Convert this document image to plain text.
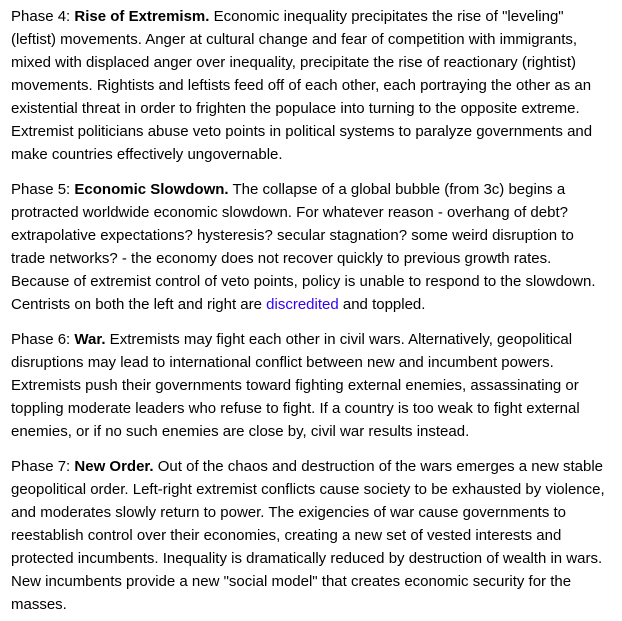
Phase 4: Rise of Extremism. Economic inequality precipitates the rise of "leveling" (leftist) movements. Anger at cultural change and fear of competition with immigrants, mixed with displaced anger over inequality, precipitate the rise of reactionary (rightist) movements. Rightists and leftists feed off of each other, each portraying the other as an existential threat in order to frighten the populace into turning to the opposite extreme. Extremist politicians abuse veto points in political systems to paralyze governments and make countries effectively ungovernable.

Phase 5: Economic Slowdown. The collapse of a global bubble (from 3c) begins a protracted worldwide economic slowdown. For whatever reason - overhang of debt? extrapolative expectations? hysteresis? secular stagnation? some weird disruption to trade networks? - the economy does not recover quickly to previous growth rates. Because of extremist control of veto points, policy is unable to respond to the slowdown. Centrists on both the left and right are discredited and toppled.

Phase 6: War. Extremists may fight each other in civil wars. Alternatively, geopolitical disruptions may lead to international conflict between new and incumbent powers. Extremists push their governments toward fighting external enemies, assassinating or toppling moderate leaders who refuse to fight. If a country is too weak to fight external enemies, or if no such enemies are close by, civil war results instead.

Phase 7: New Order. Out of the chaos and destruction of the wars emerges a new stable geopolitical order. Left-right extremist conflicts cause society to be exhausted by violence, and moderates slowly return to power. The exigencies of war cause governments to reestablish control over their economies, creating a new set of vested interests and protected incumbents. Inequality is dramatically reduced by destruction of wealth in wars. New incumbents provide a new "social model" that creates economic security for the masses.
